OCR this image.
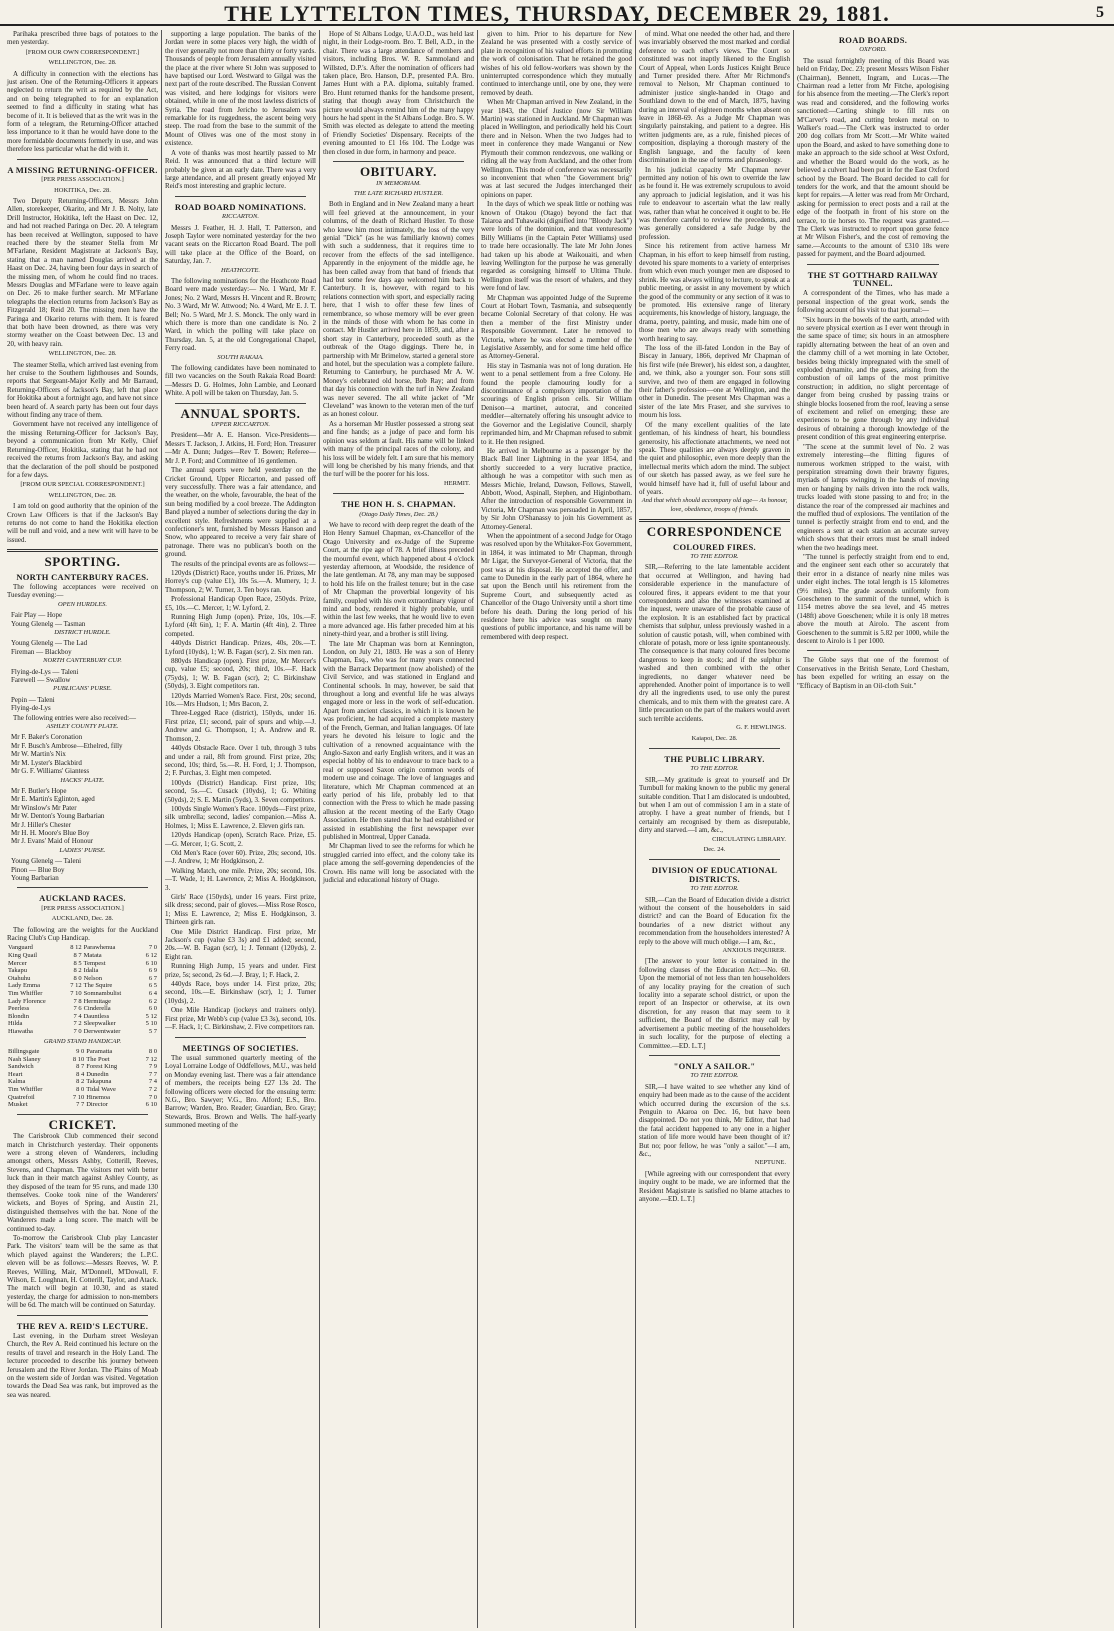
THE LYTTELTON TIMES, THURSDAY, DECEMBER 29, 1881.	5

Parihaka prescribed three bags of potatoes to the men yesterday.

[FROM OUR OWN CORRESPONDENT.]
WELLINGTON, Dec. 28.

A difficulty in connection with the elections has just arisen. One of the Returning-Officers it appears neglected to return the writ as required by the Act, and on being telegraphed to for an explanation seemed to find a difficulty in stating what has become of it. It is believed that as the writ was in the form of a telegram, the Returning-Officer attached less importance to it than he would have done to the more formidable documents formerly in use, and was therefore less particular what he did with it.

A MISSING RETURNING-OFFICER.
[PER PRESS ASSOCIATION.]
HOKITIKA, Dec. 28.

Two Deputy Returning-Officers, Messrs John Allen, storekeeper, Okarito, and Mr J. B. Nolty, late Drill Instructor, Hokitika, left the Haast on Dec. 12, and had not reached Paringa on Dec. 20. A telegram has been received at Wellington, supposed to have reached there by the steamer Stella from Mr M'Farlane, Resident Magistrate at Jackson's Bay, stating that a man named Douglas arrived at the Haast on Dec. 24, having been four days in search of the missing men, of whom he could find no traces. Messrs Douglas and M'Farlane were to leave again on Dec. 26 to make further search. Mr M'Farlane telegraphs the election returns from Jackson's Bay as Fitzgerald 18; Reid 20. The missing men have the Paringa and Okarito returns with them. It is feared that both have been drowned, as there was very stormy weather on the Coast between Dec. 13 and 20, with heavy rain.

WELLINGTON, Dec. 28.

The steamer Stella, which arrived last evening from her cruise to the Southern lighthouses and Sounds, reports that Sergeant-Major Kelly and Mr Barraud, Returning-Officers of Jackson's Bay, left that place for Hokitika about a fortnight ago, and have not since been heard of. A search party has been out four days without finding any trace of them.

Government have not received any intelligence of the missing Returning-Officer for Jackson's Bay, beyond a communication from Mr Kelly, Chief Returning-Officer, Hokitika, stating that he had not received the returns from Jackson's Bay, and asking that the declaration of the poll should be postponed for a few days.

[FROM OUR SPECIAL CORRESPONDENT.]
WELLINGTON, Dec. 28.

I am told on good authority that the opinion of the Crown Law Officers is that if the Jackson's Bay returns do not come to hand the Hokitika election will be null and void, and a new writ will have to be issued.

SPORTING.
NORTH CANTERBURY RACES.

The following acceptances were received on Tuesday evening:—

OPEN HURDLES.
Fair Play — Hope
Young Glenelg — Tasman
DISTRICT HURDLE.
Young Glenelg — The Lad
Fireman — Blackboy
NORTH CANTERBURY CUP.
Flying-de-Lys — Taleni
Farewell — Swallow
PUBLICANS' PURSE.
Pepin — Taleni
Flying-de-Lys

The following entries were also received:—

ASHLEY COUNTY PLATE.
Mr F. Baker's Coronation
Mr F. Busch's Ambrose—Ethelred, filly
Mr W. Martin's Nix
Mr M. Lyster's Blackbird
Mr G. F. Williams' Giantess
HACKS' PLATE.
Mr F. Butler's Hope
Mr E. Martin's Eglinton, aged
Mr Winslow's Mr Pater
Mr W. Denton's Young Barbarian
Mr J. Hiller's Chester
Mr H. H. Moore's Blue Boy
Mr J. Evans' Maid of Honour
LADIES' PURSE.
Young Glenelg — Taleni
Pinon — Blue Boy
Young Barbarian
AUCKLAND RACES.
[PER PRESS ASSOCIATION.]
AUCKLAND, Dec. 28.

The following are the weights for the Auckland Racing Club's Cup Handicap.

Vanguard	8 12	Parawhenua	7 0
King Quail	8 7	Matata	6 12
Mercer	8 5	Tempest	6 10
Takapu	8 2	Idalia	6 9
Otahuhu	8 0	Nelson	6 7
Lady Emma	7 12	The Squire	6 5
Tim Whiffler	7 10	Somnambulist	6 4
Lady Florence	7 8	Hermitage	6 2
Peerless	7 6	Cinderella	6 0
Blondin	7 4	Dauntless	5 12
Hilda	7 2	Sleepwalker	5 10
Hiawatha	7 0	Derwentwater	5 7
GRAND STAND HANDICAP.
Billingsgate	9 0	Paramatta	8 0
Nash Slaney	8 10	The Poet	7 12
Sandwich	8 7	Forest King	7 9
Heart	8 4	Dunedin	7 7
Kalma	8 2	Takapuna	7 4
Tim Whiffler	8 0	Tidal Wave	7 2
Quatrefoil	7 10	Hinemoa	7 0
Musket	7 7	Director	6 10
CRICKET.

The Carisbrook Club commenced their second match in Christchurch yesterday. Their opponents were a strong eleven of Wanderers, including amongst others, Messrs Ashby, Cotterill, Reeves, Stevens, and Chapman. The visitors met with better luck than in their match against Ashley County, as they disposed of the team for 95 runs, and made 130 themselves. Cooke took nine of the Wanderers' wickets, and Boyes of Spring, and Austin 21, distinguished themselves with the bat. None of the Wanderers made a long score. The match will be continued to-day.

To-morrow the Carisbrook Club play Lancaster Park. The visitors' team will be the same as that which played against the Wanderers; the L.P.C. eleven will be as follows:—Messrs Reeves, W. P. Reeves, Willing, Mair, M'Donnell, M'Dowall, F. Wilson, E. Loughnan, H. Cotterill, Taylor, and Atack. The match will begin at 10.30, and as stated yesterday, the charge for admission to non-members will be 6d. The match will be continued on Saturday.

THE REV A. REID'S LECTURE.

Last evening, in the Durham street Wesleyan Church, the Rev A. Reid continued his lecture on the results of travel and research in the Holy Land. The lecturer proceeded to describe his journey between Jerusalem and the River Jordan. The Plains of Moab on the western side of Jordan was visited. Vegetation towards the Dead Sea was rank, but improved as the sea was neared.

supporting a large population. The banks of the Jordan were in some places very high, the width of the river generally not more than thirty or forty yards. Thousands of people from Jerusalem annually visited the place at the river where St John was supposed to have baptised our Lord. Westward to Gilgal was the next part of the route described. The Russian Convent was visited, and here lodgings for visitors were obtained, while in one of the most lawless districts of Syria. The road from Jericho to Jerusalem was remarkable for its ruggedness, the ascent being very steep. The road from the base to the summit of the Mount of Olives was one of the most stony in existence.

A vote of thanks was most heartily passed to Mr Reid. It was announced that a third lecture will probably be given at an early date. There was a very large attendance, and all present greatly enjoyed Mr Reid's most interesting and graphic lecture.

ROAD BOARD NOMINATIONS.
RICCARTON.

Messrs J. Feather, H. J. Hall, T. Patterson, and Joseph Taylor were nominated yesterday for the two vacant seats on the Riccarton Road Board. The poll will take place at the Office of the Board, on Saturday, Jan. 7.

HEATHCOTE.

The following nominations for the Heathcote Road Board were made yesterday:— No. 1 Ward, Mr F. Jones; No. 2 Ward, Messrs H. Vincent and R. Brown; No. 3 Ward, Mr W. Attwood; No. 4 Ward, Mr E. J. T. Bell; No. 5 Ward, Mr J. S. Monck. The only ward in which there is more than one candidate is No. 2 Ward, in which the polling will take place on Thursday, Jan. 5, at the old Congregational Chapel, Ferry road.

SOUTH RAKAIA.

The following candidates have been nominated to fill two vacancies on the South Rakaia Road Board:—Messrs D. G. Holmes, John Lambie, and Leonard White. A poll will be taken on Thursday, Jan. 5.

ANNUAL SPORTS.
UPPER RICCARTON.

President—Mr A. E. Hanson. Vice-Presidents—Messrs T. Jackson, J. Atkins, H. Ford; Hon. Treasurer—Mr A. Dunn; Judges—Rev T. Bowen; Referee—Mr J. P. Ford; and Committee of 16 gentlemen.

The annual sports were held yesterday on the Cricket Ground, Upper Riccarton, and passed off very successfully. There was a fair attendance, and the weather, on the whole, favourable, the heat of the sun being modified by a cool breeze. The Addington Band played a number of selections during the day in excellent style. Refreshments were supplied at a confectioner's tent, furnished by Messrs Hanson and Snow, who appeared to receive a very fair share of patronage. There was no publican's booth on the ground.

The results of the principal events are as follows:—

120yds (District) Race, youths under 16. Prizes, Mr Horrey's cup (value £1), 10s 5s.—A. Mumery, 1; J. Thompson, 2; W. Turner, 3. Ten boys ran.

Professional Handicap Open Race, 250yds. Prize, £5, 10s.—C. Mercer, 1; W. Lyford, 2.

Running High Jump (open). Prize, 10s, 10s.—F. Lyford (4ft 6in), 1; F. A. Martin (4ft 4in), 2. Three competed.

440yds District Handicap. Prizes, 40s, 20s.—T. Lyford (10yds), 1; W. B. Fagan (scr), 2. Six men ran.

880yds Handicap (open). First prize, Mr Mercer's cup, value £5; second, 20s; third, 10s.—F. Hack (75yds), 1; W. B. Fagan (scr), 2; C. Birkinshaw (50yds), 3. Eight competitors ran.

120yds Married Women's Race. First, 20s; second, 10s.—Mrs Hudson, 1; Mrs Bacon, 2.

Three-Legged Race (district), 150yds, under 16. First prize, £1; second, pair of spurs and whip.—J. Andrew and G. Thompson, 1; A. Andrew and R. Thomson, 2.

440yds Obstacle Race. Over 1 tub, through 3 tubs and under a rail, 8ft from ground. First prize, 20s; second, 10s; third, 5s.—R. H. Ford, 1; J. Thompson, 2; F. Purchas, 3. Eight men competed.

100yds (District) Handicap. First prize, 10s; second, 5s.—C. Cusack (10yds), 1; G. Whiting (50yds), 2; S. E. Martin (5yds), 3. Seven competitors.

100yds Single Women's Race. 100yds—First prize, silk umbrella; second, ladies' companion.—Miss A. Holmes, 1; Miss E. Lawrence, 2. Eleven girls ran.

120yds Handicap (open), Scratch Race. Prize, £5.—G. Mercer, 1; G. Scott, 2.

Old Men's Race (over 60). Prize, 20s; second, 10s.—J. Andrew, 1; Mr Hodgkinson, 2.

Walking Match, one mile. Prize, 20s; second, 10s.—T. Wade, 1; H. Lawrence, 2; Miss A. Hodgkinson, 3.

Girls' Race (150yds), under 16 years. First prize, silk dress; second, pair of gloves.—Miss Rose Rosco, 1; Miss E. Lawrence, 2; Miss E. Hodgkinson, 3. Thirteen girls ran.

One Mile District Handicap. First prize, Mr Jackson's cup (value £3 3s) and £1 added; second, 20s.—W. B. Fagan (scr), 1; J. Tennant (120yds), 2. Eight ran.

Running High Jump, 15 years and under. First prize, 5s; second, 2s 6d.—J. Bray, 1; F. Hack, 2.

440yds Race, boys under 14. First prize, 20s; second, 10s.—E. Birkinshaw (scr), 1; J. Turner (10yds), 2.

One Mile Handicap (jockeys and trainers only). First prize, Mr Webb's cup (value £3 3s), second, 10s.—F. Hack, 1; C. Birkinshaw, 2. Five competitors ran.

MEETINGS OF SOCIETIES.

The usual summoned quarterly meeting of the Loyal Lorraine Lodge of Oddfellows, M.U., was held on Monday evening last. There was a fair attendance of members, the receipts being £27 13s 2d. The following officers were elected for the ensuing term: N.G., Bro. Sawyer; V.G., Bro. Alford; E.S., Bro. Barrow; Warden, Bro. Reader; Guardian, Bro. Gray; Stewards, Bros. Brown and Wells. The half-yearly summoned meeting of the

Hope of St Albans Lodge, U.A.O.D., was held last night, in their Lodge-room. Bro. T. Bell, A.D., in the chair. There was a large attendance of members and visitors, including Bros. W. R. Sammoland and Willsted, D.P.'s. After the nomination of officers had taken place, Bro. Hanson, D.P., presented P.A. Bro. James Hunt with a P.A. diploma, suitably framed. Bro. Hunt returned thanks for the handsome present, stating that though away from Christchurch the picture would always remind him of the many happy hours he had spent in the St Albans Lodge. Bro. S. W. Smith was elected as delegate to attend the meeting of Friendly Societies' Dispensary. Receipts of the evening amounted to £1 16s 10d. The Lodge was then closed in due form, in harmony and peace.

OBITUARY.
IN MEMORIAM.
THE LATE RICHARD HUSTLER.

Both in England and in New Zealand many a heart will feel grieved at the announcement, in your columns, of the death of Richard Hustler. To those who knew him most intimately, the loss of the very genial "Dick" (as he was familiarly known) comes with such a suddenness, that it requires time to recover from the effects of the sad intelligence. Apparently in the enjoyment of the middle age, he has been called away from that band of friends that had but some few days ago welcomed him back to Canterbury. It is, however, with regard to his relations connection with sport, and especially racing here, that I wish to offer these few lines of remembrance, so whose memory will be ever green in the minds of those with whom he has come in contact. Mr Hustler arrived here in 1859, and, after a short stay in Canterbury, proceeded south as the outbreak of the Otago diggings. There he, in partnership with Mr Brimelow, started a general store and hotel, but the speculation was a complete failure. Returning to Canterbury, he purchased Mr A. W. Money's celebrated old horse, Bob Ray; and from that day his connection with the turf in New Zealand was never severed. The all white jacket of "Mr Cleveland" was known to the veteran men of the turf as an honest colour.

As a horseman Mr Hustler possessed a strong seat and fine hands; as a judge of pace and form his opinion was seldom at fault. His name will be linked with many of the principal races of the colony, and his loss will be widely felt. I am sure that his memory will long be cherished by his many friends, and that the turf will be the poorer for his loss.

HERMIT.
THE HON H. S. CHAPMAN.
(Otago Daily Times, Dec. 28.)

We have to record with deep regret the death of the Hon Henry Samuel Chapman, ex-Chancellor of the Otago University and ex-Judge of the Supreme Court, at the ripe age of 78. A brief illness preceded the mournful event, which happened about 4 o'clock yesterday afternoon, at Woodside, the residence of the late gentleman. At 78, any man may be supposed to hold his life on the frailest tenure; but in the case of Mr Chapman the proverbial longevity of his family, coupled with his own extraordinary vigour of mind and body, rendered it highly probable, until within the last few weeks, that he would live to even a more advanced age. His father preceded him at his ninety-third year, and a brother is still living.

The late Mr Chapman was born at Kennington, London, on July 21, 1803. He was a son of Henry Chapman, Esq., who was for many years connected with the Barrack Department (now abolished) of the Civil Service, and was stationed in England and Continental schools. In may, however, be said that throughout a long and eventful life he was always engaged more or less in the work of self-education. Apart from ancient classics, in which it is known he was proficient, he had acquired a complete mastery of the French, German, and Italian languages. Of late years he devoted his leisure to logic and the cultivation of a renowned acquaintance with the Anglo-Saxon and early English writers, and it was an especial hobby of his to endeavour to trace back to a real or supposed Saxon origin common words of modern use and coinage. The love of languages and literature, which Mr Chapman commenced at an early period of his life, probably led to that connection with the Press to which he made passing allusion at the recent meeting of the Early Otago Association. He then stated that he had established or assisted in establishing the first newspaper ever published in Montreal, Upper Canada.

Mr Chapman lived to see the reforms for which he struggled carried into effect, and the colony take its place among the self-governing dependencies of the Crown. His name will long be associated with the judicial and educational history of Otago.

given to him. Prior to his departure for New Zealand he was presented with a costly service of plate in recognition of his valued efforts in promoting the work of colonisation. That he retained the good wishes of his old fellow-workers was shown by the uninterrupted correspondence which they mutually continued to interchange until, one by one, they were removed by death.

When Mr Chapman arrived in New Zealand, in the year 1843, the Chief Justice (now Sir William Martin) was stationed in Auckland. Mr Chapman was placed in Wellington, and periodically held his Court there and in Nelson. When the two Judges had to meet in conference they made Wanganui or New Plymouth their common rendezvous, one walking or riding all the way from Auckland, and the other from Wellington. This mode of conference was necessarily so inconvenient that when "the Government brig" was at last secured the Judges interchanged their opinions on paper.

In the days of which we speak little or nothing was known of Otakou (Otago) beyond the fact that Taiaroa and Tuhawaiki (dignified into "Bloody Jack") were lords of the dominion, and that venturesome Billy Williams (in the Captain Peter Williams) used to trade here occasionally. The late Mr John Jones had taken up his abode at Waikouaiti, and when leaving Wellington for the purpose he was generally regarded as consigning himself to Ultima Thule. Wellington itself was the resort of whalers, and they were fond of law.

Mr Chapman was appointed Judge of the Supreme Court at Hobart Town, Tasmania, and subsequently became Colonial Secretary of that colony. He was then a member of the first Ministry under Responsible Government. Later he removed to Victoria, where he was elected a member of the Legislative Assembly, and for some time held office as Attorney-General.

His stay in Tasmania was not of long duration. He went to a penal settlement from a free Colony. He found the people clamouring loudly for a discontinuance of a compulsory importation of the scourings of English prison cells. Sir William Denison—a martinet, autocrat, and conceited meddler—alternately offering his unsought advice to the Governor and the Legislative Council, sharply reprimanded him, and Mr Chapman refused to submit to it. He then resigned.

He arrived in Melbourne as a passenger by the Black Ball liner Lightning in the year 1854, and shortly succeeded to a very lucrative practice, although he was a competitor with such men as Messrs Michie, Ireland, Dawson, Fellows, Stawell, Abbott, Wood, Aspinall, Stephen, and Higinbotham. After the introduction of responsible Government in Victoria, Mr Chapman was persuaded in April, 1857, by Sir John O'Shanassy to join his Government as Attorney-General.

When the appointment of a second Judge for Otago was resolved upon by the Whitaker-Fox Government, in 1864, it was intimated to Mr Chapman, through Mr Ligar, the Surveyor-General of Victoria, that the post was at his disposal. He accepted the offer, and came to Dunedin in the early part of 1864, where he sat upon the Bench until his retirement from the Supreme Court, and subsequently acted as Chancellor of the Otago University until a short time before his death. During the long period of his residence here his advice was sought on many questions of public importance, and his name will be remembered with deep respect.

of mind. What one needed the other had, and there was invariably observed the most marked and cordial deference to each other's views. The Court so constituted was not inaptly likened to the English Court of Appeal, when Lords Justices Knight Bruce and Turner presided there. After Mr Richmond's removal to Nelson, Mr Chapman continued to administer justice single-handed in Otago and Southland down to the end of March, 1875, having during an interval of eighteen months when absent on leave in 1868-69. As a Judge Mr Chapman was singularly painstaking, and patient to a degree. His written judgments are, as a rule, finished pieces of composition, displaying a thorough mastery of the English language, and the faculty of keen discrimination in the use of terms and phraseology.

In his judicial capacity Mr Chapman never permitted any notion of his own to override the law as he found it. He was extremely scrupulous to avoid any approach to judicial legislation, and it was his rule to endeavour to ascertain what the law really was, rather than what he conceived it ought to be. He was therefore careful to review the precedents, and was generally considered a safe Judge by the profession.

Since his retirement from active harness Mr Chapman, in his effort to keep himself from rusting, devoted his spare moments to a variety of enterprises from which even much younger men are disposed to shrink. He was always willing to lecture, to speak at a public meeting, or assist in any movement by which the good of the community or any section of it was to be promoted. His extensive range of literary acquirements, his knowledge of history, language, the drama, poetry, painting, and music, made him one of those men who are always ready with something worth hearing to say.

The loss of the ill-fated London in the Bay of Biscay in January, 1866, deprived Mr Chapman of his first wife (née Brewer), his eldest son, a daughter, and, we think, also a younger son. Four sons still survive, and two of them are engaged in following their father's profession—one at Wellington, and the other in Dunedin. The present Mrs Chapman was a sister of the late Mrs Fraser, and she survives to mourn his loss.

Of the many excellent qualities of the late gentleman, of his kindness of heart, his boundless generosity, his affectionate attachments, we need not speak. These qualities are always deeply graven in the quiet and philosophic, even more deeply than the intellectual merits which adorn the mind. The subject of our sketch has passed away, as we feel sure he would himself have had it, full of useful labour and of years.

And that which should accompany old age— As honour, love, obedience, troops of friends.
CORRESPONDENCE
COLOURED FIRES.
TO THE EDITOR.

SIR,—Referring to the late lamentable accident that occurred at Wellington, and having had considerable experience in the manufacture of coloured fires, it appears evident to me that your correspondents and also the witnesses examined at the inquest, were unaware of the probable cause of the explosion. It is an established fact by practical chemists that sulphur, unless previously washed in a solution of caustic potash, will, when combined with chlorate of potash, more or less ignite spontaneously. The consequence is that many coloured fires become dangerous to keep in stock; and if the sulphur is washed and then combined with the other ingredients, no danger whatever need be apprehended. Another point of importance is to well dry all the ingredients used, to use only the purest chemicals, and to mix them with the greatest care. A little precaution on the part of the makers would avert such terrible accidents.

G. F. HEWLINGS.
Kaiapoi, Dec. 28.
THE PUBLIC LIBRARY.
TO THE EDITOR.

SIR,—My gratitude is great to yourself and Dr Turnbull for making known to the public my general suitable condition. That I am dislocated is undoubted, but when I am out of commission I am in a state of atrophy. I have a great number of friends, but I certainly am recognised by them as disreputable, dirty and starved.—I am, &c.,

CIRCULATING LIBRARY.
Dec. 24.
DIVISION OF EDUCATIONAL DISTRICTS.
TO THE EDITOR.

SIR,—Can the Board of Education divide a district without the consent of the householders in said district? and can the Board of Education fix the boundaries of a new district without any recommendation from the householders interested? A reply to the above will much oblige.—I am, &c.,

ANXIOUS INQUIRER.

[The answer to your letter is contained in the following clauses of the Education Act:—No. 60. Upon the memorial of not less than ten householders of any locality praying for the creation of such locality into a separate school district, or upon the report of an Inspector or otherwise, at its own discretion, for any reason that may seem to it sufficient, the Board of the district may call by advertisement a public meeting of the householders in such locality, for the purpose of electing a Committee.—ED. L.T.]

"ONLY A SAILOR."
TO THE EDITOR.

SIR,—I have waited to see whether any kind of enquiry had been made as to the cause of the accident which occurred during the excursion of the s.s. Penguin to Akaroa on Dec. 16, but have been disappointed. Do not you think, Mr Editor, that had the fatal accident happened to any one in a higher station of life more would have been thought of it? But no; poor fellow, he was "only a sailor."—I am, &c.,

NEPTUNE.

[While agreeing with our correspondent that every inquiry ought to be made, we are informed that the Resident Magistrate is satisfied no blame attaches to anyone.—ED. L.T.]

ROAD BOARDS.
OXFORD.

The usual fortnightly meeting of this Board was held on Friday, Dec. 23; present Messrs Wilson Fisher (Chairman), Bennett, Ingram, and Lucas.—The Chairman read a letter from Mr Fitche, apologising for his absence from the meeting.—The Clerk's report was read and considered, and the following works sanctioned:—Carting shingle to fill ruts on M'Carver's road, and cutting broken metal on to Walker's road.—The Clerk was instructed to order 200 dog collars from Mr Scott.—Mr White waited upon the Board, and asked to have something done to make an approach to the side school at West Oxford, and whether the Board would do the work, as he believed a culvert had been put in for the East Oxford school by the Board. The Board decided to call for tenders for the work, and that the amount should be kept for repairs.—A letter was read from Mr Orchard, asking for permission to erect posts and a rail at the edge of the footpath in front of his store on the terrace, to tie horses to. The request was granted.—The Clerk was instructed to report upon gorse fence at Mr Wilson Fisher's, and the cost of removing the same.—Accounts to the amount of £310 18s were passed for payment, and the Board adjourned.

THE ST GOTTHARD RAILWAY TUNNEL.

A correspondent of the Times, who has made a personal inspection of the great work, sends the following account of his visit to that journal:—

"Six hours in the bowels of the earth, attended with no severe physical exertion as I ever went through in the same space of time; six hours in an atmosphere rapidly alternating between the heat of an oven and the clammy chill of a wet morning in late October, besides being thickly impregnated with the smell of exploded dynamite, and the gases, arising from the combustion of oil lamps of the most primitive construction; in addition, no slight percentage of danger from being crushed by passing trains or shingle blocks loosened from the roof, leaving a sense of excitement and relief on emerging; these are experiences to be gone through by any individual desirous of obtaining a thorough knowledge of the present condition of this great engineering enterprise.

"The scene at the summit level of No. 2 was extremely interesting—the flitting figures of numerous workmen stripped to the waist, with perspiration streaming down their brawny figures, myriads of lamps swinging in the hands of moving men or hanging by nails driven into the rock walls, trucks loaded with stone passing to and fro; in the distance the roar of the compressed air machines and the muffled thud of explosions. The ventilation of the tunnel is perfectly straight from end to end, and the engineers a sent at each station an accurate survey which shows that their errors must be small indeed when the two headings meet.

"The tunnel is perfectly straight from end to end, and the engineer sent each other so accurately that their error in a distance of nearly nine miles was under eight inches. The total length is 15 kilometres (9½ miles). The grade ascends uniformly from Goeschenen to the summit of the tunnel, which is 1154 metres above the sea level, and 45 metres (148ft) above Goeschenen; while it is only 18 metres above the mouth at Airolo. The ascent from Goeschenen to the summit is 5.82 per 1000, while the descent to Airolo is 1 per 1000.

The Globe says that one of the foremost of Conservatives in the British Senate, Lord Chesham, has been expelled for writing an essay on the "Efficacy of Baptism in an Oil-cloth Suit."
